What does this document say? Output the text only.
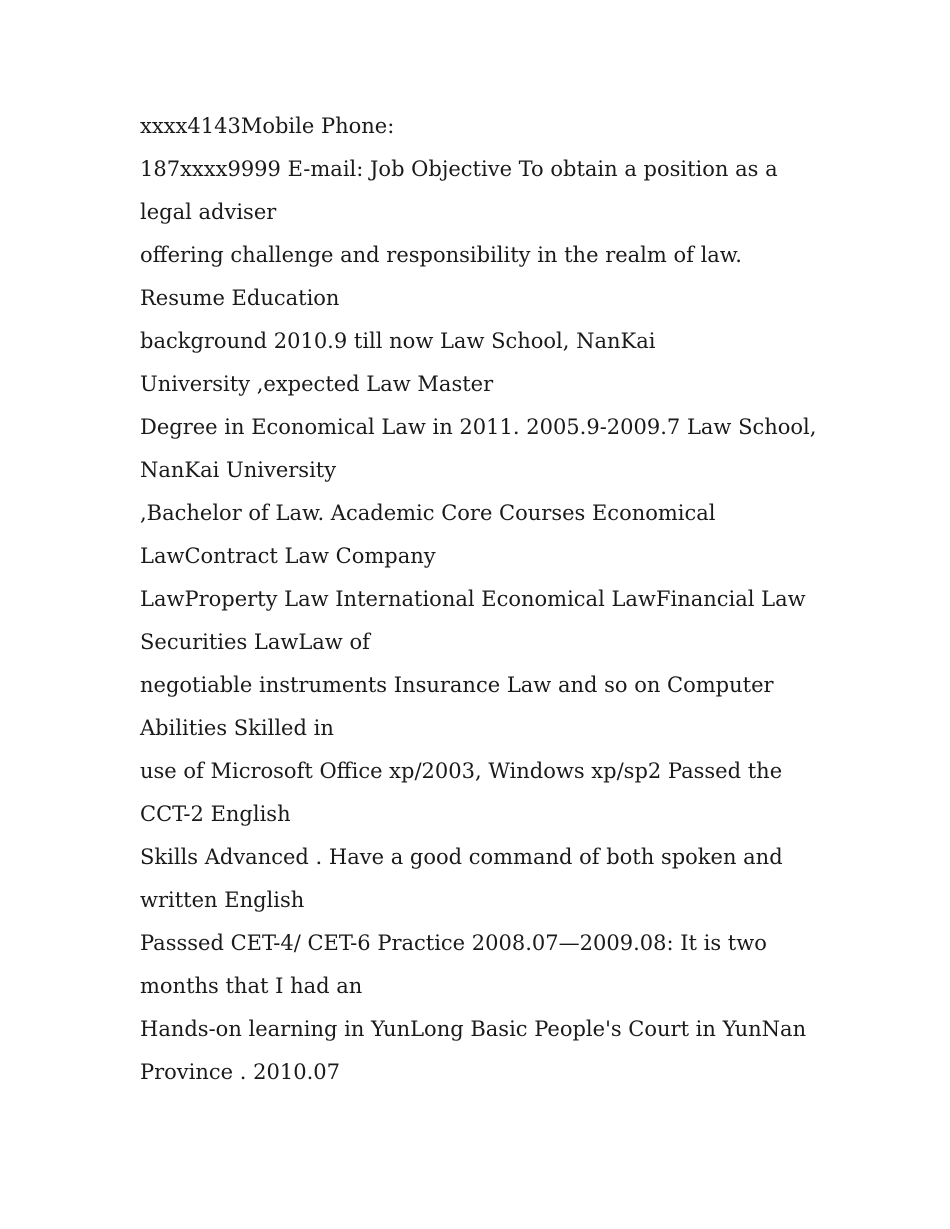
xxxx4143Mobile Phone:

187xxxx9999 E-mail: Job Objective To obtain a position as a legal adviser

offering challenge and responsibility in the realm of law. Resume Education

background 2010.9 till now Law School, NanKai

University ,expected Law Master

Degree in Economical Law in 2011. 2005.9-2009.7 Law School, NanKai University

,Bachelor of Law. Academic Core Courses Economical LawContract Law Company

LawProperty Law International Economical LawFinancial Law Securities LawLaw of

negotiable instruments Insurance Law and so on Computer Abilities Skilled in

use of Microsoft Office xp/2003, Windows xp/sp2 Passed the CCT-2 English

Skills Advanced . Have a good command of both spoken and written English

Passsed CET-4/ CET-6 Practice 2008.07—2009.08: It is two months that I had an

Hands-on learning in YunLong Basic People's Court in YunNan Province . 2010.07
